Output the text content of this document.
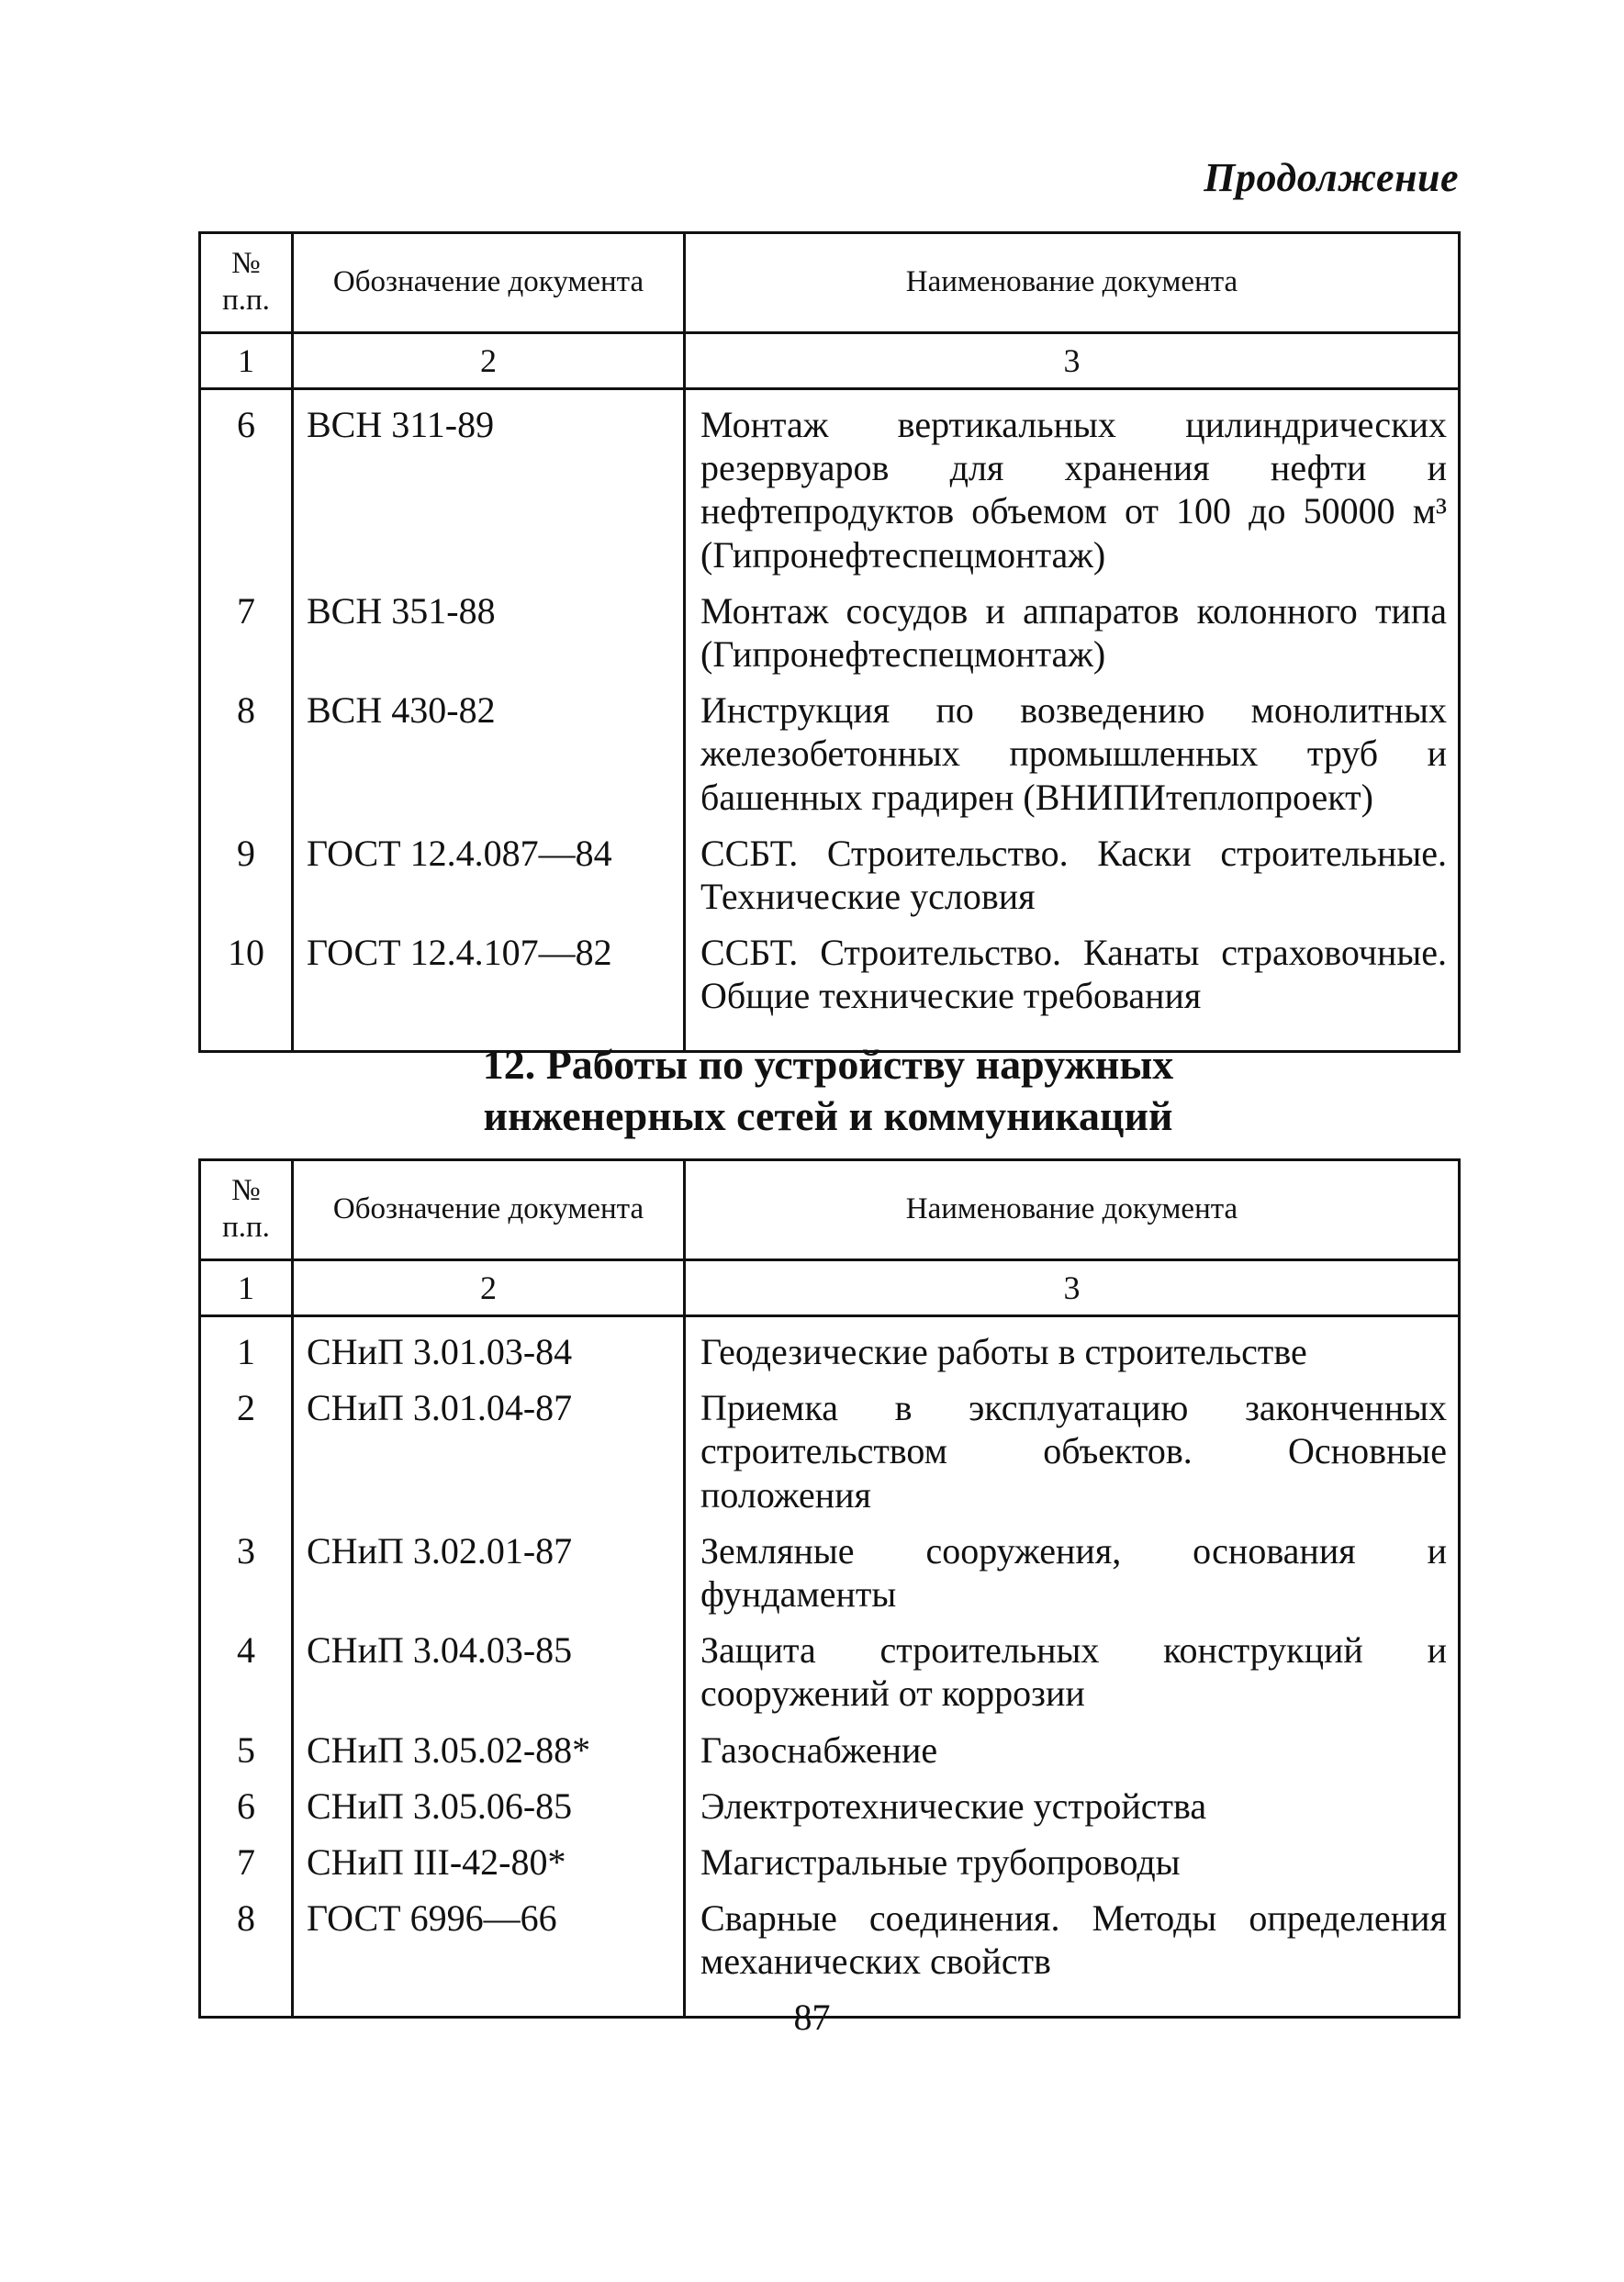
Продолжение
№ п.п.	Обозначение документа	Наименование документа
1	2	3

6	ВСН 311-89	Монтаж вертикальных цилиндрических резервуаров для хранения нефти и нефтепродуктов объемом от 100 до 50000 м³ (Гипронефтеспецмонтаж)

7	ВСН 351-88	Монтаж сосудов и аппаратов колонного типа (Гипронефтеспецмонтаж)

8	ВСН 430-82	Инструкция по возведению монолитных железобетонных промышленных труб и башенных градирен (ВНИПИтеплопроект)

9	ГОСТ 12.4.087—84	ССБТ. Строительство. Каски строительные. Технические условия

10	ГОСТ 12.4.107—82	ССБТ. Строительство. Канаты страховочные. Общие технические требования
12. Работы по устройству наружных
инженерных сетей и коммуникаций
№ п.п.	Обозначение документа	Наименование документа
1	2	3

1	СНиП 3.01.03-84	Геодезические работы в строительстве

2	СНиП 3.01.04-87	Приемка в эксплуатацию законченных строительством объектов. Основные положения

3	СНиП 3.02.01-87	Земляные сооружения, основания и фундаменты

4	СНиП 3.04.03-85	Защита строительных конструкций и сооружений от коррозии

5	СНиП 3.05.02-88*	Газоснабжение

6	СНиП 3.05.06-85	Электротехнические устройства

7	СНиП III-42-80*	Магистральные трубопроводы

8	ГОСТ 6996—66	Сварные соединения. Методы определения механических свойств
87
